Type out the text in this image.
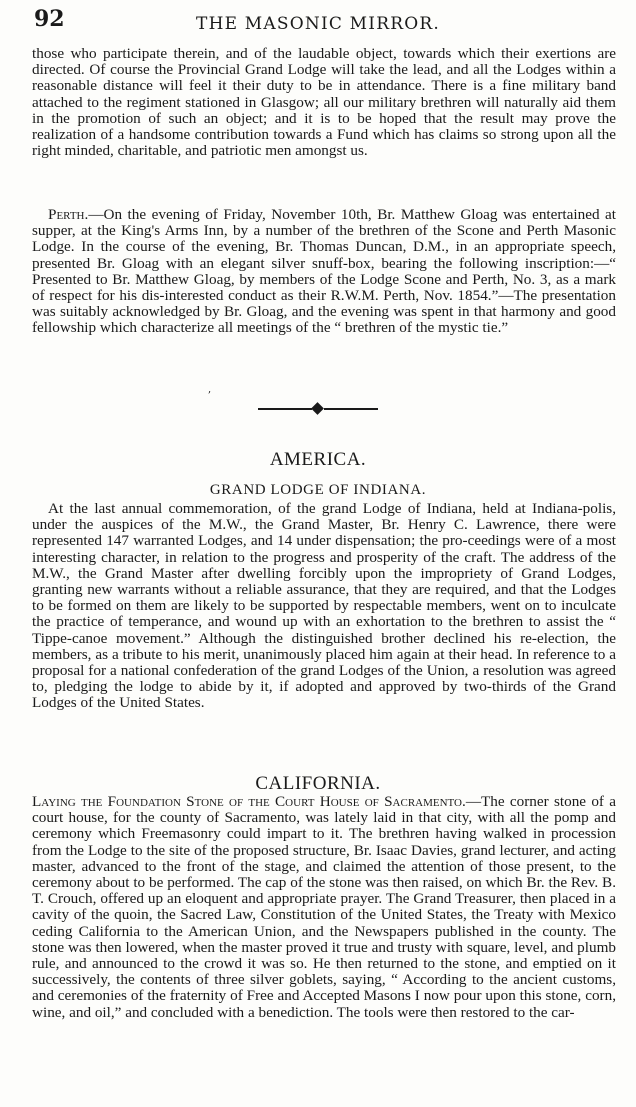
92	THE MASONIC MIRROR.

those who participate therein, and of the laudable object, towards which their exertions are directed. Of course the Provincial Grand Lodge will take the lead, and all the Lodges within a reasonable distance will feel it their duty to be in attendance. There is a fine military band attached to the regiment stationed in Glasgow; all our military brethren will naturally aid them in the promotion of such an object; and it is to be hoped that the result may prove the realization of a handsome contribution towards a Fund which has claims so strong upon all the right minded, charitable, and patriotic men amongst us.

Perth.—On the evening of Friday, November 10th, Br. Matthew Gloag was entertained at supper, at the King's Arms Inn, by a number of the brethren of the Scone and Perth Masonic Lodge. In the course of the evening, Br. Thomas Duncan, D.M., in an appropriate speech, presented Br. Gloag with an elegant silver snuff-box, bearing the following inscription:—“ Presented to Br. Matthew Gloag, by members of the Lodge Scone and Perth, No. 3, as a mark of respect for his dis-interested conduct as their R.W.M. Perth, Nov. 1854.”—The presentation was suitably acknowledged by Br. Gloag, and the evening was spent in that harmony and good fellowship which characterize all meetings of the “ brethren of the mystic tie.”

,
AMERICA.
GRAND LODGE OF INDIANA.

At the last annual commemoration, of the grand Lodge of Indiana, held at Indiana-polis, under the auspices of the M.W., the Grand Master, Br. Henry C. Lawrence, there were represented 147 warranted Lodges, and 14 under dispensation; the pro-ceedings were of a most interesting character, in relation to the progress and prosperity of the craft. The address of the M.W., the Grand Master after dwelling forcibly upon the impropriety of Grand Lodges, granting new warrants without a reliable assurance, that they are required, and that the Lodges to be formed on them are likely to be supported by respectable members, went on to inculcate the practice of temperance, and wound up with an exhortation to the brethren to assist the “ Tippe-canoe movement.” Although the distinguished brother declined his re-election, the members, as a tribute to his merit, unanimously placed him again at their head. In reference to a proposal for a national confederation of the grand Lodges of the Union, a resolution was agreed to, pledging the lodge to abide by it, if adopted and approved by two-thirds of the Grand Lodges of the United States.

CALIFORNIA.

Laying the Foundation Stone of the Court House of Sacramento.—The corner stone of a court house, for the county of Sacramento, was lately laid in that city, with all the pomp and ceremony which Freemasonry could impart to it. The brethren having walked in procession from the Lodge to the site of the proposed structure, Br. Isaac Davies, grand lecturer, and acting master, advanced to the front of the stage, and claimed the attention of those present, to the ceremony about to be performed. The cap of the stone was then raised, on which Br. the Rev. B. T. Crouch, offered up an eloquent and appropriate prayer. The Grand Treasurer, then placed in a cavity of the quoin, the Sacred Law, Constitution of the United States, the Treaty with Mexico ceding California to the American Union, and the Newspapers published in the county. The stone was then lowered, when the master proved it true and trusty with square, level, and plumb rule, and announced to the crowd it was so. He then returned to the stone, and emptied on it successively, the contents of three silver goblets, saying, “ According to the ancient customs, and ceremonies of the fraternity of Free and Accepted Masons I now pour upon this stone, corn, wine, and oil,” and concluded with a benediction. The tools were then restored to the car-
